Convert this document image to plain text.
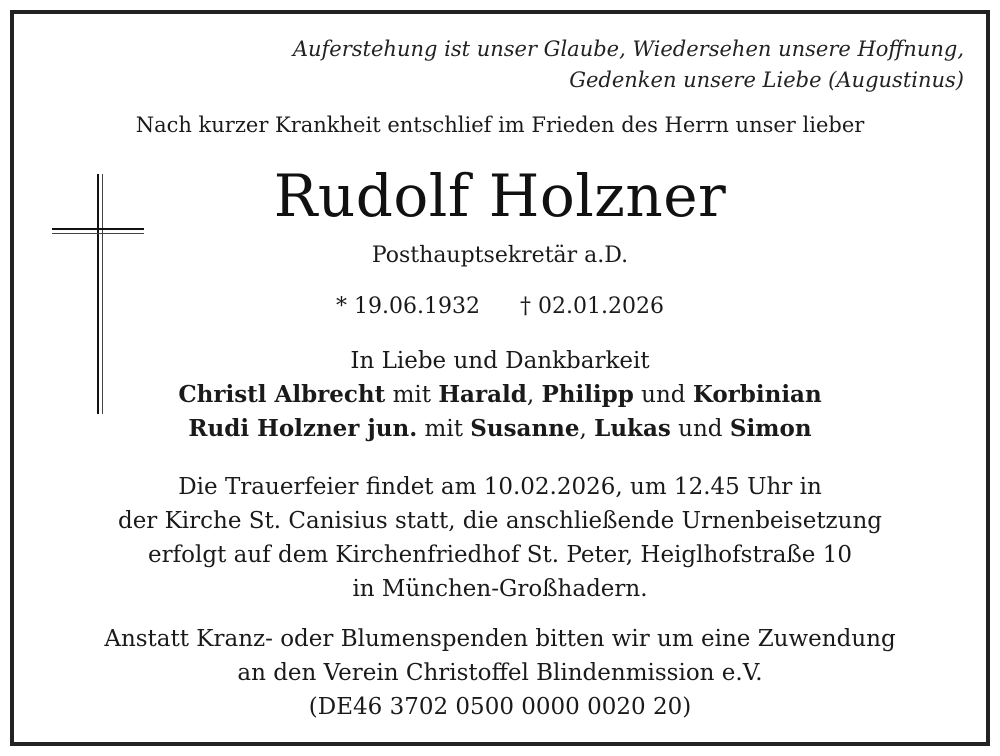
Auferstehung ist unser Glaube, Wiedersehen unsere Hoffnung,
Gedenken unsere Liebe (Augustinus)
Nach kurzer Krankheit entschlief im Frieden des Herrn unser lieber
Rudolf Holzner
Posthauptsekretär a.D.
* 19.06.1932 † 02.01.2026
In Liebe und Dankbarkeit
Christl Albrecht mit Harald, Philipp und Korbinian
Rudi Holzner jun. mit Susanne, Lukas und Simon
Die Trauerfeier findet am 10.02.2026, um 12.45 Uhr in
der Kirche St. Canisius statt, die anschließende Urnenbeisetzung
erfolgt auf dem Kirchenfriedhof St. Peter, Heiglhofstraße 10
in München-Großhadern.
Anstatt Kranz- oder Blumenspenden bitten wir um eine Zuwendung
an den Verein Christoffel Blindenmission e.V.
(DE46 3702 0500 0000 0020 20)
